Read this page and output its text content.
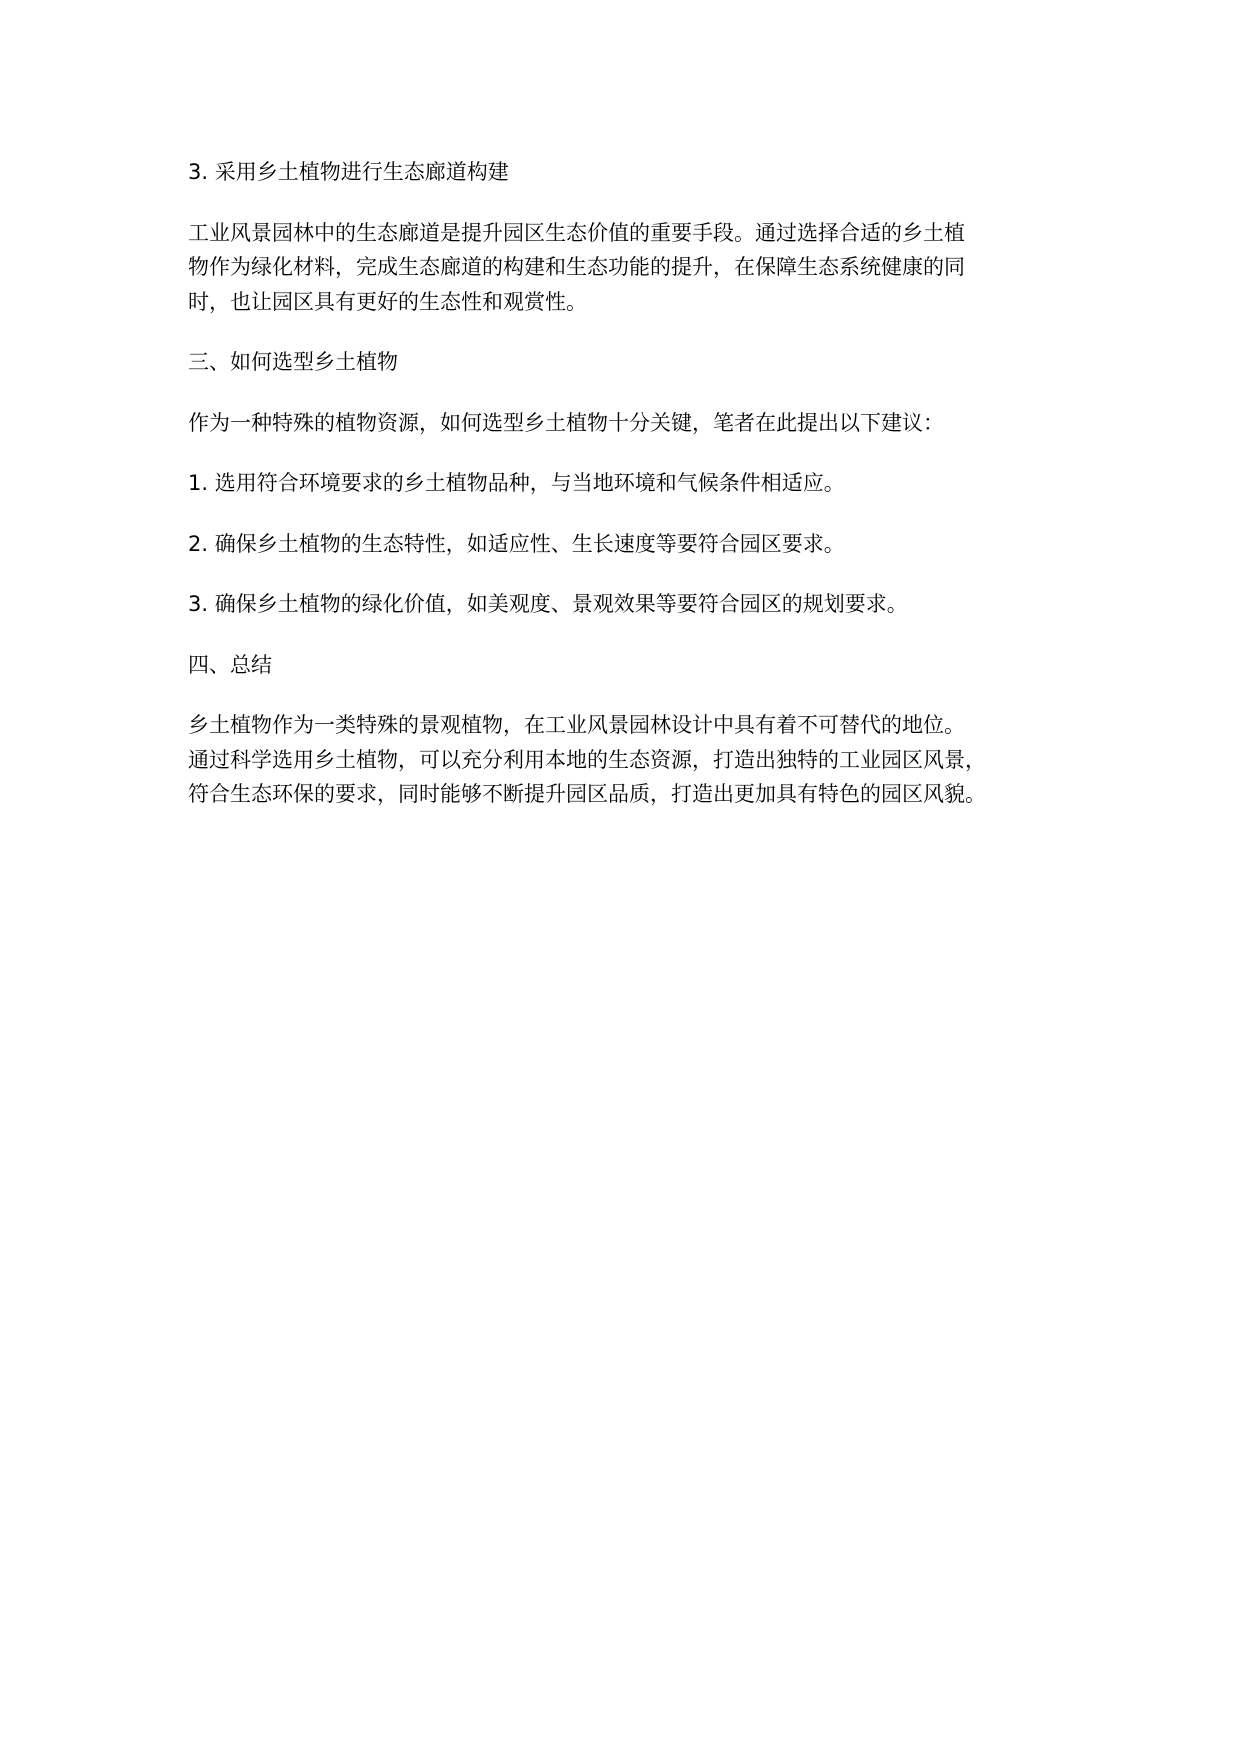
3. 采用乡土植物进行生态廊道构建

工业风景园林中的生态廊道是提升园区生态价值的重要手段。通过选择合适的乡土植
物作为绿化材料，完成生态廊道的构建和生态功能的提升，在保障生态系统健康的同
时，也让园区具有更好的生态性和观赏性。

三、如何选型乡土植物

作为一种特殊的植物资源，如何选型乡土植物十分关键，笔者在此提出以下建议：

1. 选用符合环境要求的乡土植物品种，与当地环境和气候条件相适应。

2. 确保乡土植物的生态特性，如适应性、生长速度等要符合园区要求。

3. 确保乡土植物的绿化价值，如美观度、景观效果等要符合园区的规划要求。

四、总结

乡土植物作为一类特殊的景观植物，在工业风景园林设计中具有着不可替代的地位。
通过科学选用乡土植物，可以充分利用本地的生态资源，打造出独特的工业园区风景，
符合生态环保的要求，同时能够不断提升园区品质，打造出更加具有特色的园区风貌。
